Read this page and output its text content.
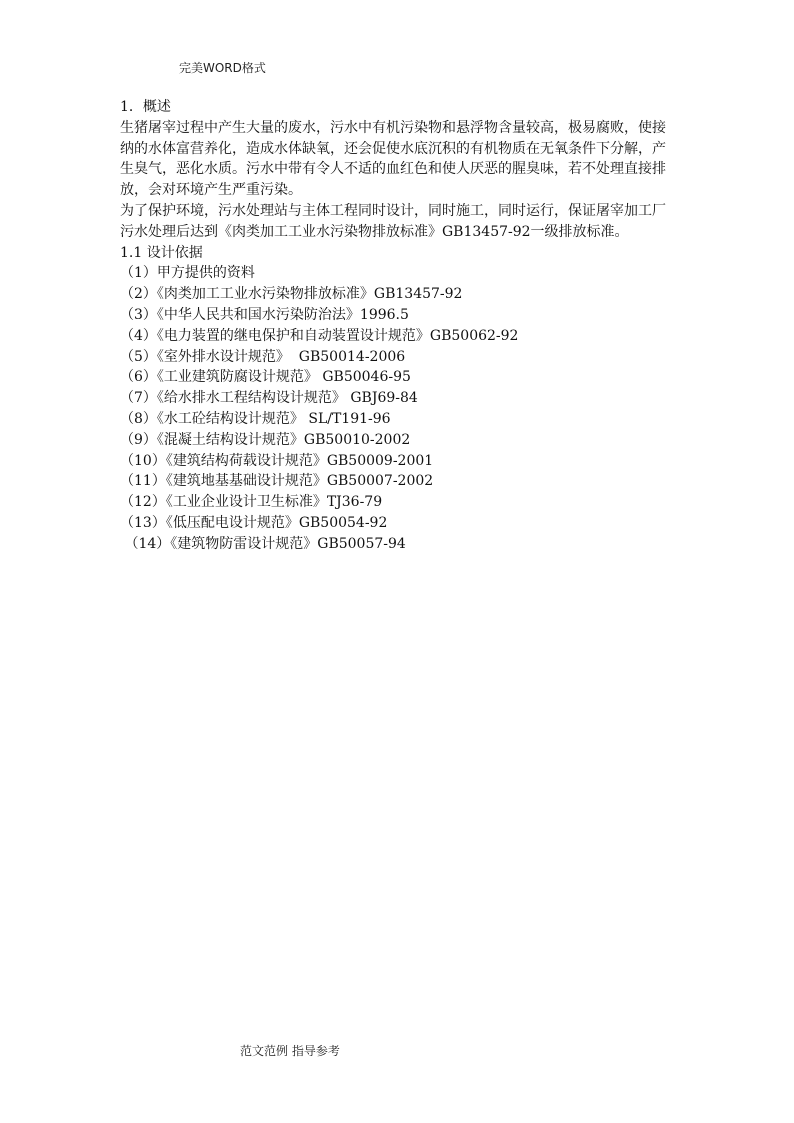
完美WORD格式

1．概述

生猪屠宰过程中产生大量的废水，污水中有机污染物和悬浮物含量较高，极易腐败，使接纳的水体富营养化，造成水体缺氧，还会促使水底沉积的有机物质在无氧条件下分解，产生臭气，恶化水质。污水中带有令人不适的血红色和使人厌恶的腥臭味，若不处理直接排放，会对环境产生严重污染。

为了保护环境，污水处理站与主体工程同时设计，同时施工，同时运行，保证屠宰加工厂污水处理后达到《肉类加工工业水污染物排放标准》GB13457-92一级排放标准。

1.1 设计依据

（1）甲方提供的资料
（2）《肉类加工工业水污染物排放标准》GB13457-92
（3）《中华人民共和国水污染防治法》1996.5
（4）《电力装置的继电保护和自动装置设计规范》GB50062-92
（5）《室外排水设计规范》  GB50014-2006
（6）《工业建筑防腐设计规范》 GB50046-95
（7）《给水排水工程结构设计规范》 GBJ69-84
（8）《水工砼结构设计规范》 SL/T191-96
（9）《混凝土结构设计规范》GB50010-2002
（10）《建筑结构荷载设计规范》GB50009-2001
（11）《建筑地基基础设计规范》GB50007-2002
（12）《工业企业设计卫生标准》TJ36-79
（13）《低压配电设计规范》GB50054-92
（14）《建筑物防雷设计规范》GB50057-94
范文范例 指导参考
